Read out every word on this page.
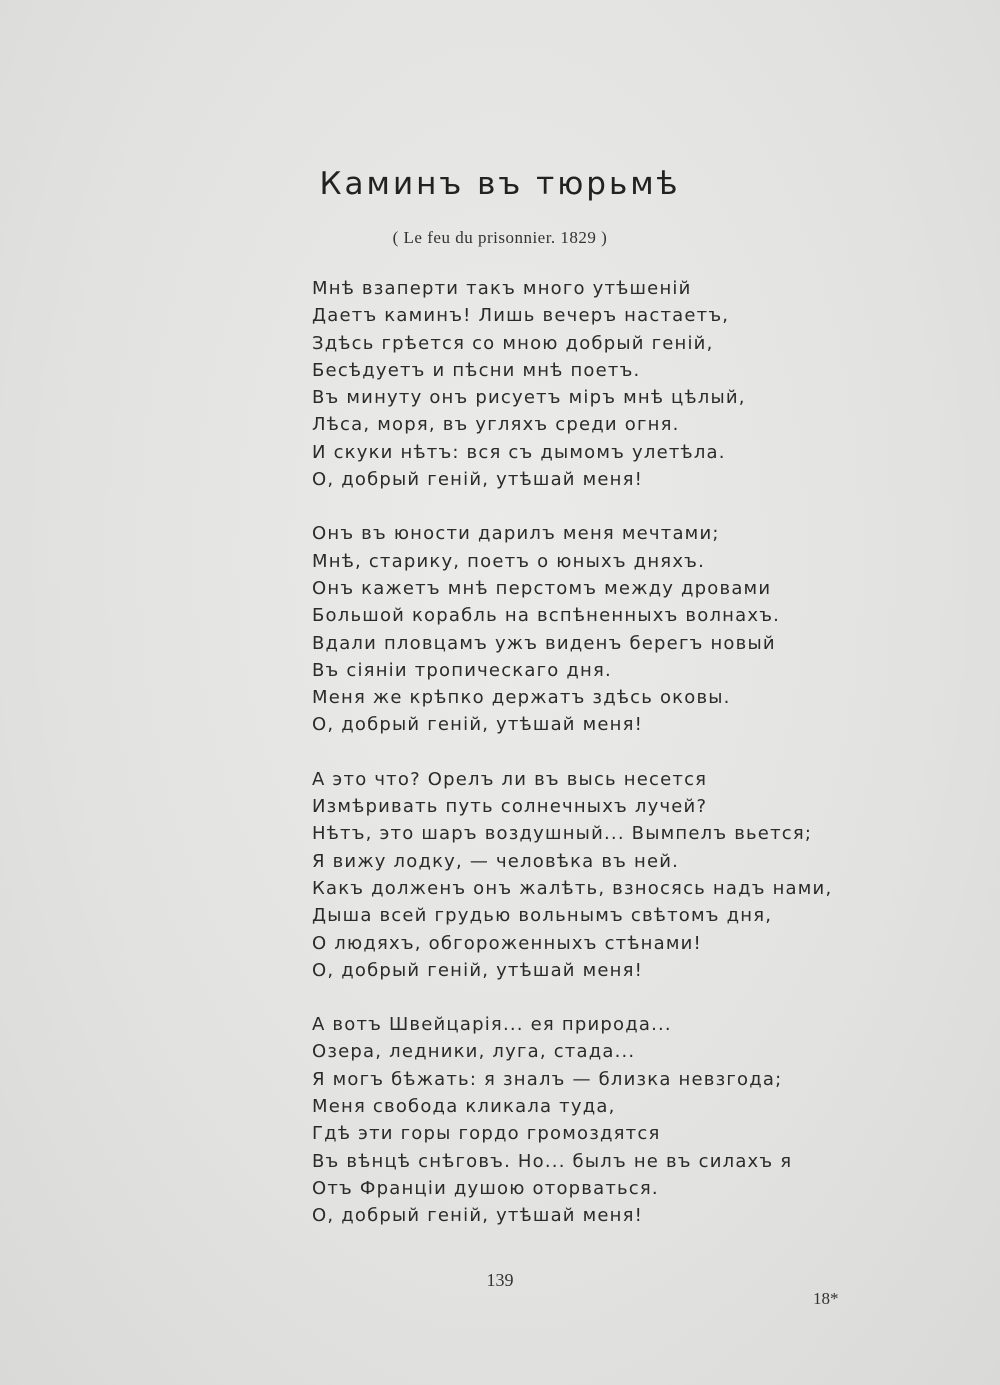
Каминъ въ тюрьмѣ
( Le feu du prisonnier. 1829 )
Мнѣ взаперти такъ много утѣшеній
Даетъ каминъ! Лишь вечеръ настаетъ,
Здѣсь грѣется со мною добрый геній,
Бесѣдуетъ и пѣсни мнѣ поетъ.
Въ минуту онъ рисуетъ міръ мнѣ цѣлый,
Лѣса, моря, въ угляхъ среди огня.
И скуки нѣтъ: вся съ дымомъ улетѣла.
О, добрый геній, утѣшай меня!
Онъ въ юности дарилъ меня мечтами;
Мнѣ, старику, поетъ о юныхъ дняхъ.
Онъ кажетъ мнѣ перстомъ между дровами
Большой корабль на вспѣненныхъ волнахъ.
Вдали пловцамъ ужъ виденъ берегъ новый
Въ сіяніи тропическаго дня.
Меня же крѣпко держатъ здѣсь оковы.
О, добрый геній, утѣшай меня!
А это что? Орелъ ли въ высь несется
Измѣривать путь солнечныхъ лучей?
Нѣтъ, это шаръ воздушный... Вымпелъ вьется;
Я вижу лодку, — человѣка въ ней.
Какъ долженъ онъ жалѣть, взносясь надъ нами,
Дыша всей грудью вольнымъ свѣтомъ дня,
О людяхъ, обгороженныхъ стѣнами!
О, добрый геній, утѣшай меня!
А вотъ Швейцарія... ея природа...
Озера, ледники, луга, стада...
Я могъ бѣжать: я зналъ — близка невзгода;
Меня свобода кликала туда,
Гдѣ эти горы гордо громоздятся
Въ вѣнцѣ снѣговъ. Но... былъ не въ силахъ я
Отъ Франціи душою оторваться.
О, добрый геній, утѣшай меня!
139
18*
